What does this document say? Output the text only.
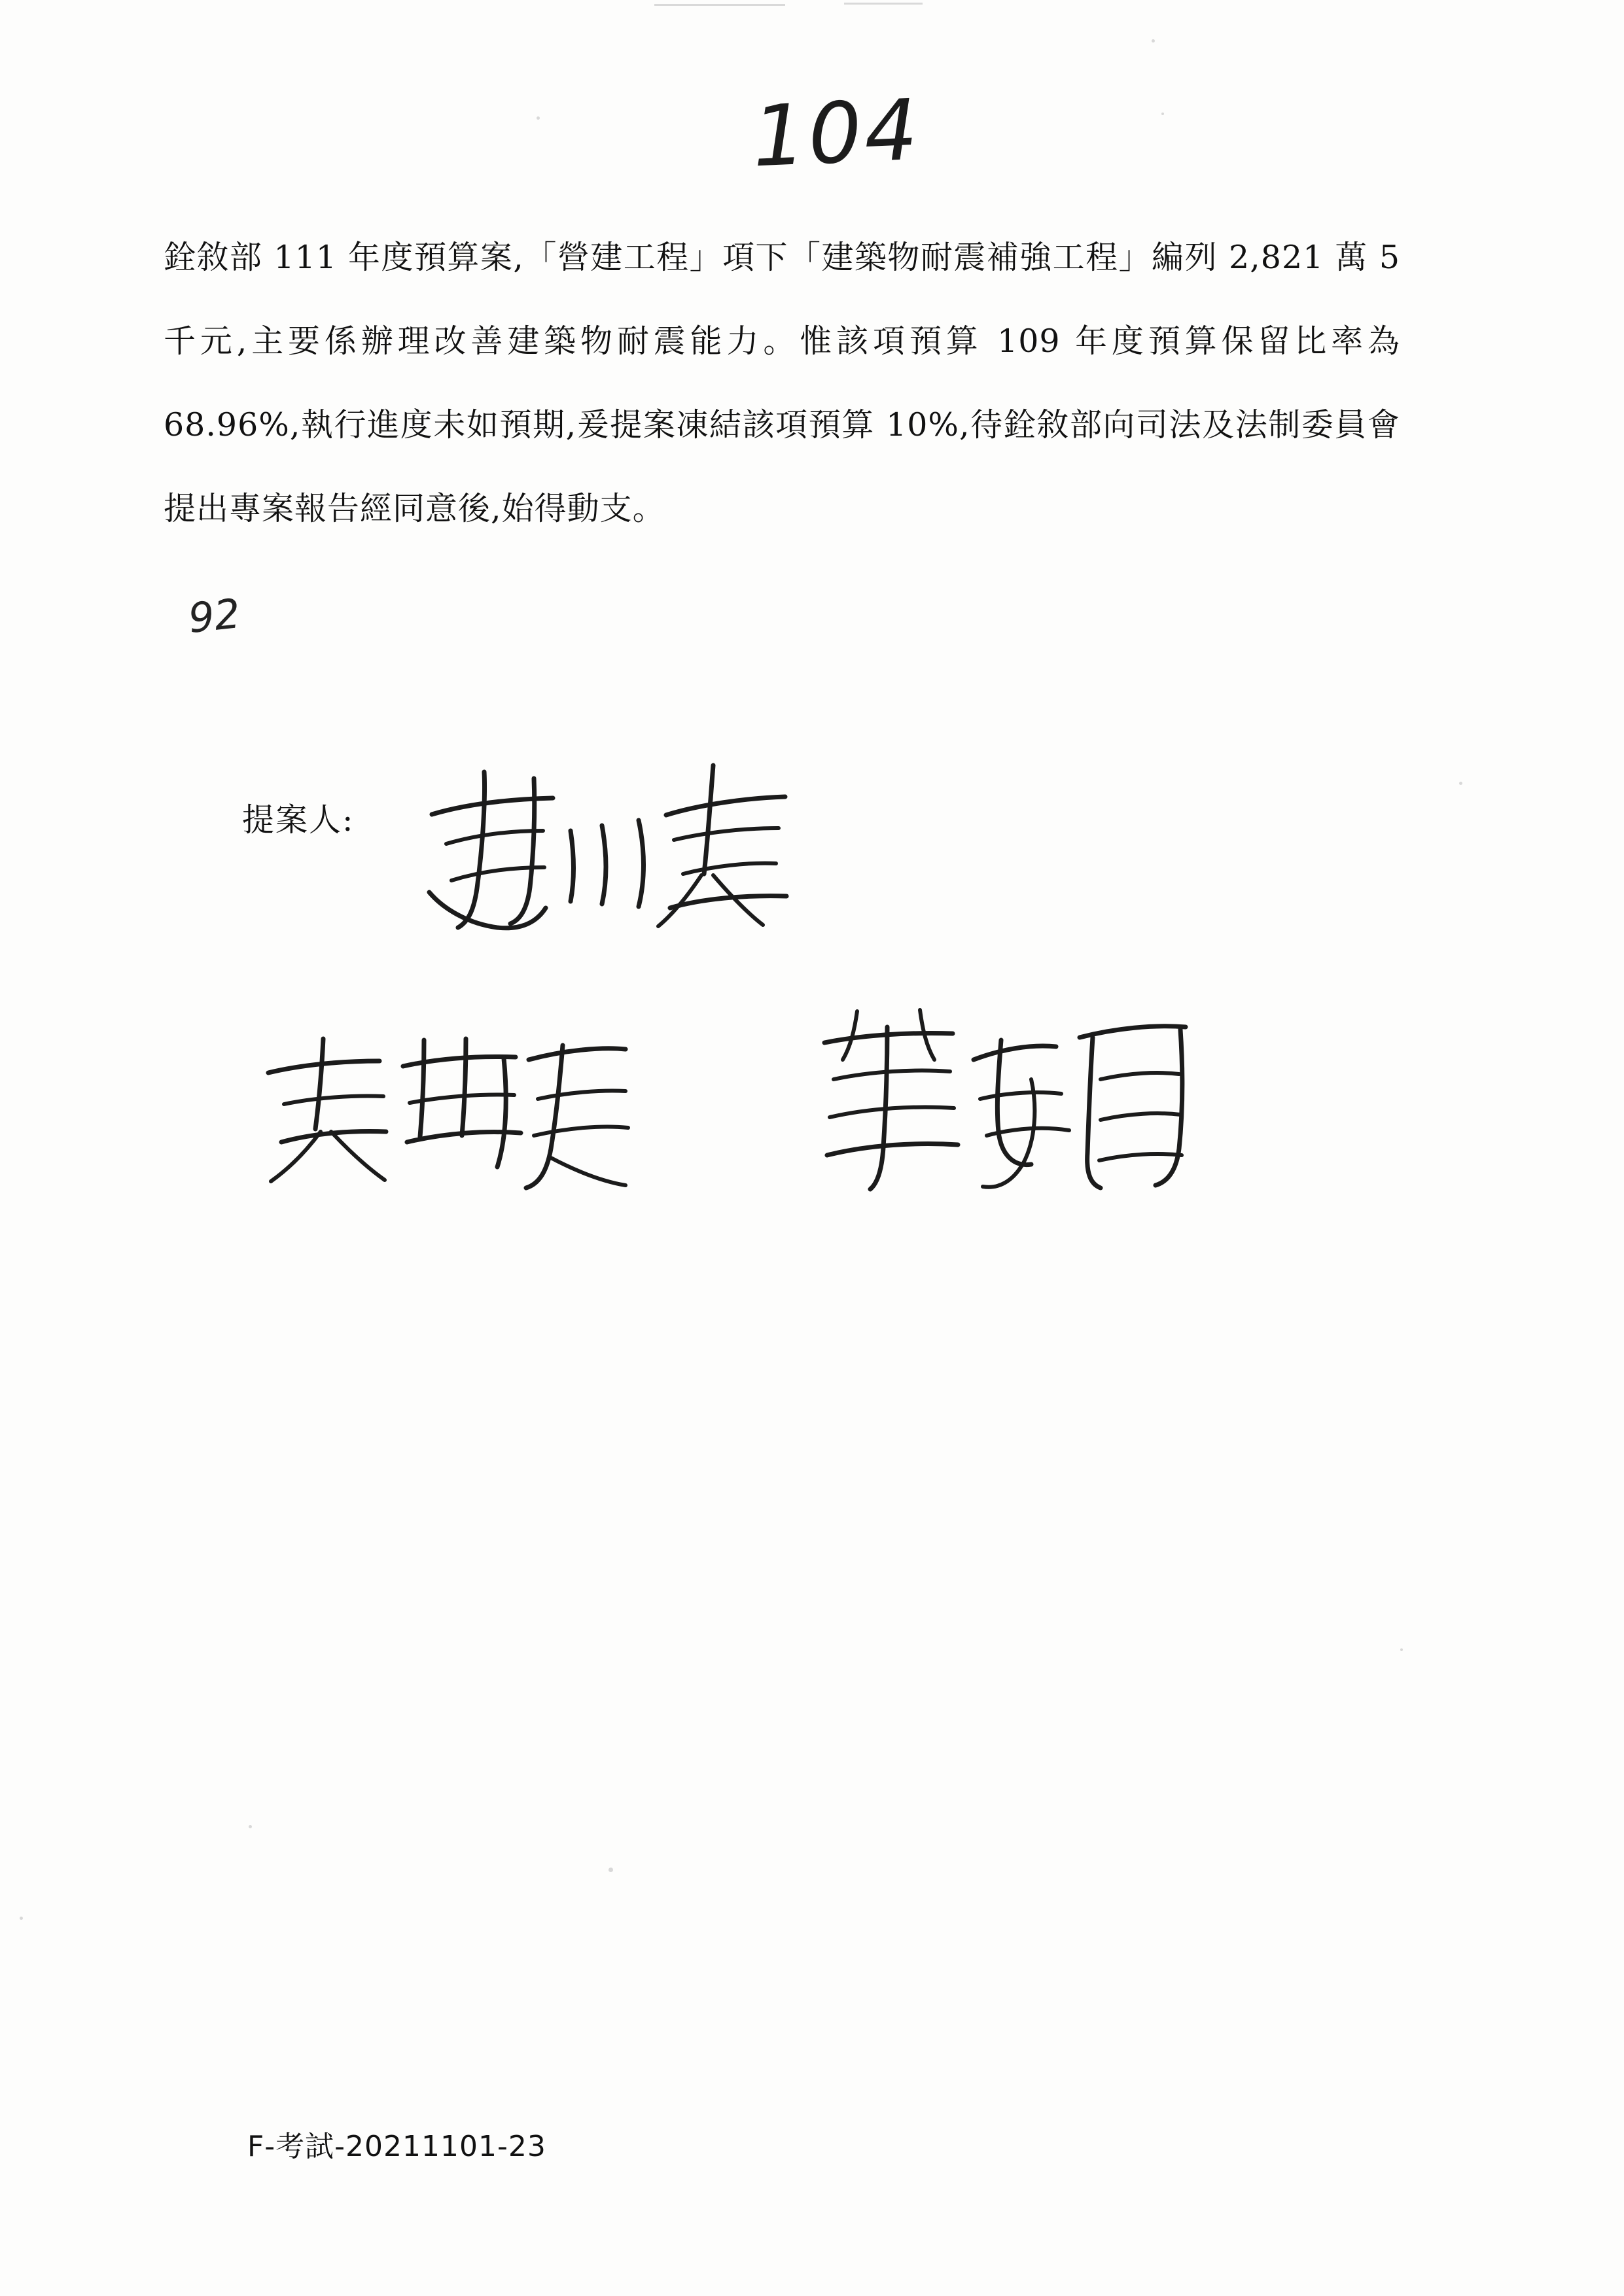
104

銓敘部 111 年度預算案,「營建工程」項下「建築物耐震補強工程」編列 2,821 萬 5 千元,主要係辦理改善建築物耐震能力。惟該項預算 109 年度預算保留比率為 68.96%,執行進度未如預期,爰提案凍結該項預算 10%,待銓敘部向司法及法制委員會提出專案報告經同意後,始得動支。

92
提案人:
F-考試-20211101-23
